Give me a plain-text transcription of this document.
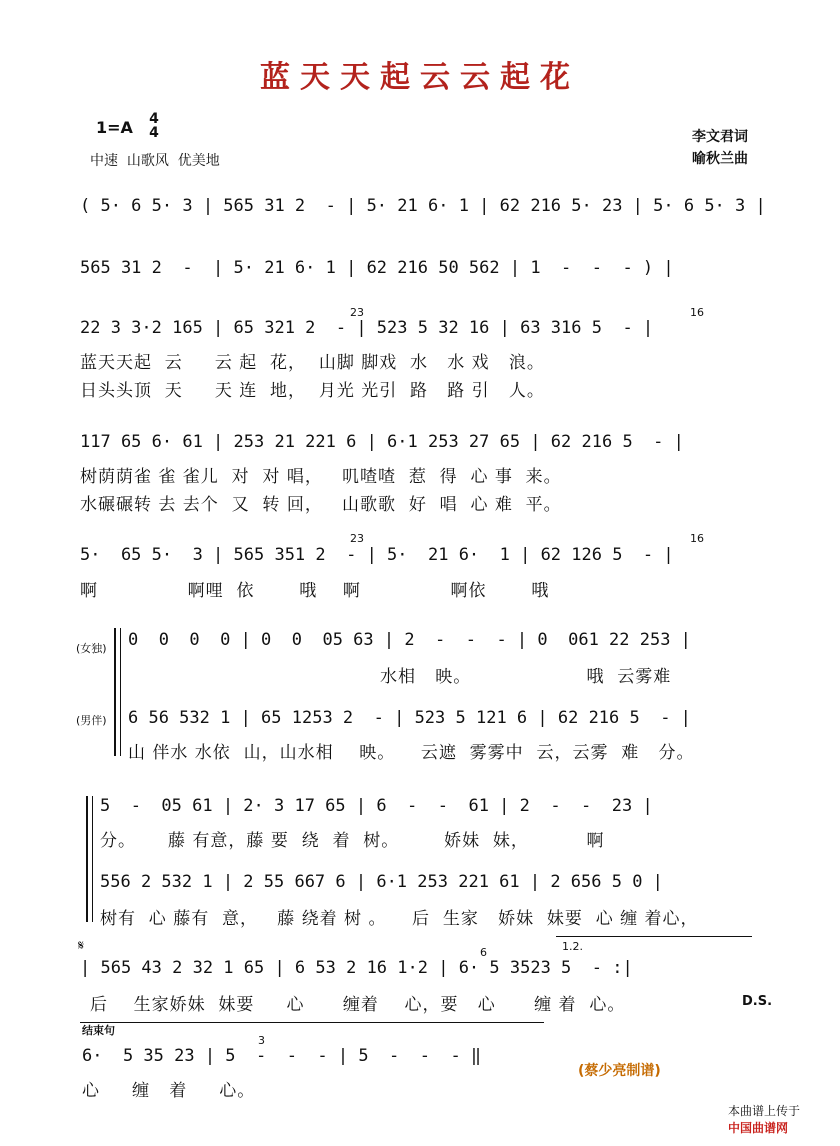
蓝天天起云云起花
1=A 4
4
中速  山歌风  优美地
李文君词
喻秋兰曲
( 5· 6 5· 3 | 565 31 2  - | 5· 21 6· 1 | 62 216 5· 23 | 5· 6 5· 3 |
565 31 2  -  | 5· 21 6· 1 | 62 216 50 562 | 1  -  -  - ) |
23	16
22 3 3·2 165 | 65 321 2  - | 523 5 32 16 | 63 316 5  - |
蓝天天起  云     云 起  花，  山脚 脚戏  水   水 戏   浪。
日头头顶  天     天 连  地，  月光 光引  路   路 引   人。
117 65 6· 61 | 253 21 221 6 | 6·1 253 27 65 | 62 216 5  - |
树荫荫雀 雀 雀儿  对  对 唱，   叽喳喳  惹  得  心 事  来。
水碾碾转 去 去个  又  转 回，   山歌歌  好  唱  心 难  平。
23	16
5·  65 5·  3 | 565 351 2  - | 5·  21 6·  1 | 62 126 5  - |
啊              啊哩  依       哦    啊              啊依       哦
(女独) 0  0  0  0 | 0  0  05 63 | 2  -  -  - | 0  061 22 253 |
水相   映。                  哦  云雾难
(男伴) 6 56 532 1 | 65 1253 2  - | 523 5 121 6 | 62 216 5  - |
山 伴水 水依  山，山水相    映。    云遮  雾雾中  云，云雾  难   分。
5  -  05 61 | 2· 3 17 65 | 6  -  -  61 | 2  -  -  23 |
分。     藤 有意，藤 要  绕  着  树。       娇妹  妹，         啊
556 2 532 1 | 2 55 667 6 | 6·1 253 221 61 | 2 656 5 0 |
树有  心 藤有  意，   藤 绕着 树 。    后  生家   娇妹  妹要  心 缠 着心，
𝄋	6	1.2.
| 565 43 2 32 1 65 | 6 53 2 16 1·2 | 6· 5 3523 5  - :|
后    生家娇妹  妹要     心      缠着    心，要   心      缠 着  心。	D.S.
结束句
3
6·  5 35 23 | 5  -  -  - | 5  -  -  - ‖
心     缠   着     心。
(蔡少亮制谱)

本曲谱上传于
中国曲谱网
